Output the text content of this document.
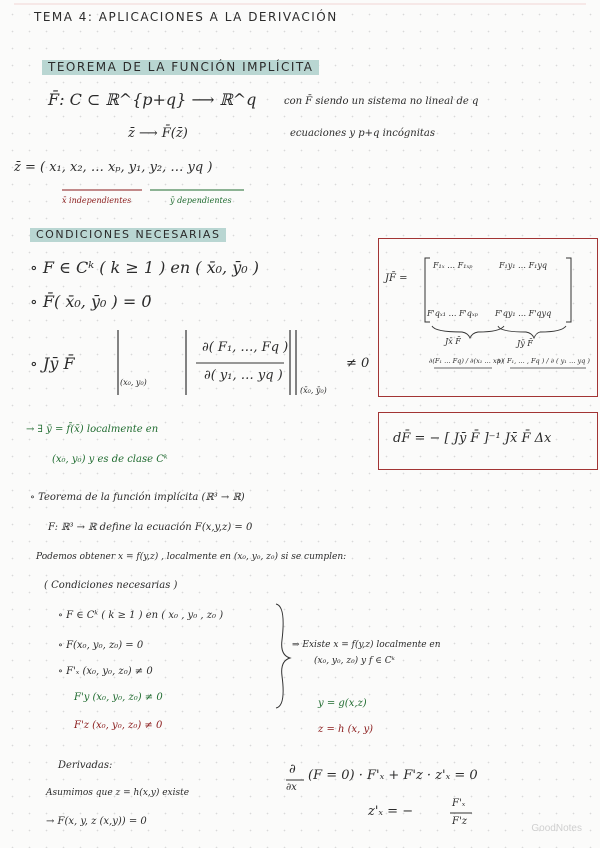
TEMA 4: APLICACIONES A LA DERIVACIÓN
TEOREMA DE LA FUNCIÓN IMPLÍCITA
F̄: C ⊂ ℝ^{p+q} ⟶ ℝ^q
z̄ ⟶ F̄(z̄)
con F̄ siendo un sistema no lineal de q
ecuaciones y p+q incógnitas
z̄ = ( x₁, x₂, … xₚ, y₁, y₂, … yq )
x̄ independientes	ȳ dependientes
CONDICIONES NECESARIAS
∘ F ∈ Cᵏ ( k ≥ 1 ) en ( x̄₀, ȳ₀ )
∘ F̄( x̄₀, ȳ₀ ) = 0̄
∘ Jȳ F̄
(x₀, y₀)
∂( F₁, …, Fq )
∂( y₁, … yq )
(x̄₀, ȳ₀)
≠ 0
→ ∃ ȳ = f̄(x̄) localmente en
(x₀, y₀) y es de clase Cᵏ
JF̄ =
F₁ₓ … F₁ₓₚ	F₁y₁ … F₁yq
F'qₓ₁ … F'qₓₚ F'qy₁ … F'qyq
Jx̄ F̄	Jȳ F̄
∂(F₁ … Fq) / ∂(x₁ … xp)
∂ ( F₁, … , Fq ) / ∂ ( y₁ … yq )
dF̄ = − [ Jȳ F̄ ]⁻¹ Jx̄ F̄ Δx
∘ Teorema de la función implícita (ℝ³ → ℝ)
F: ℝ³ → ℝ define la ecuación F(x,y,z) = 0
Podemos obtener x = f(y,z) , localmente en (x₀, y₀, z₀) si se cumplen:
( Condiciones necesarias )
∘ F ∈ Cᵏ ( k ≥ 1 ) en ( x₀ , y₀ , z₀ )
∘ F(x₀, y₀, z₀) = 0
∘ F'ₓ (x₀, y₀, z₀) ≠ 0
F'y (x₀, y₀, z₀) ≠ 0
F'z (x₀, y₀, z₀) ≠ 0
⇒ Existe x = f(y,z) localmente en
(x₀, y₀, z₀) y f ∈ Cᵏ
y = g(x,z)
z = h (x, y)
Derivadas:
Asumimos que z = h(x,y) existe
→ F(x, y, z (x,y)) = 0
∂
∂x
(F = 0) · F'ₓ + F'z · z'ₓ = 0
z'ₓ = −
F'ₓ
F'z
GoodNotes
